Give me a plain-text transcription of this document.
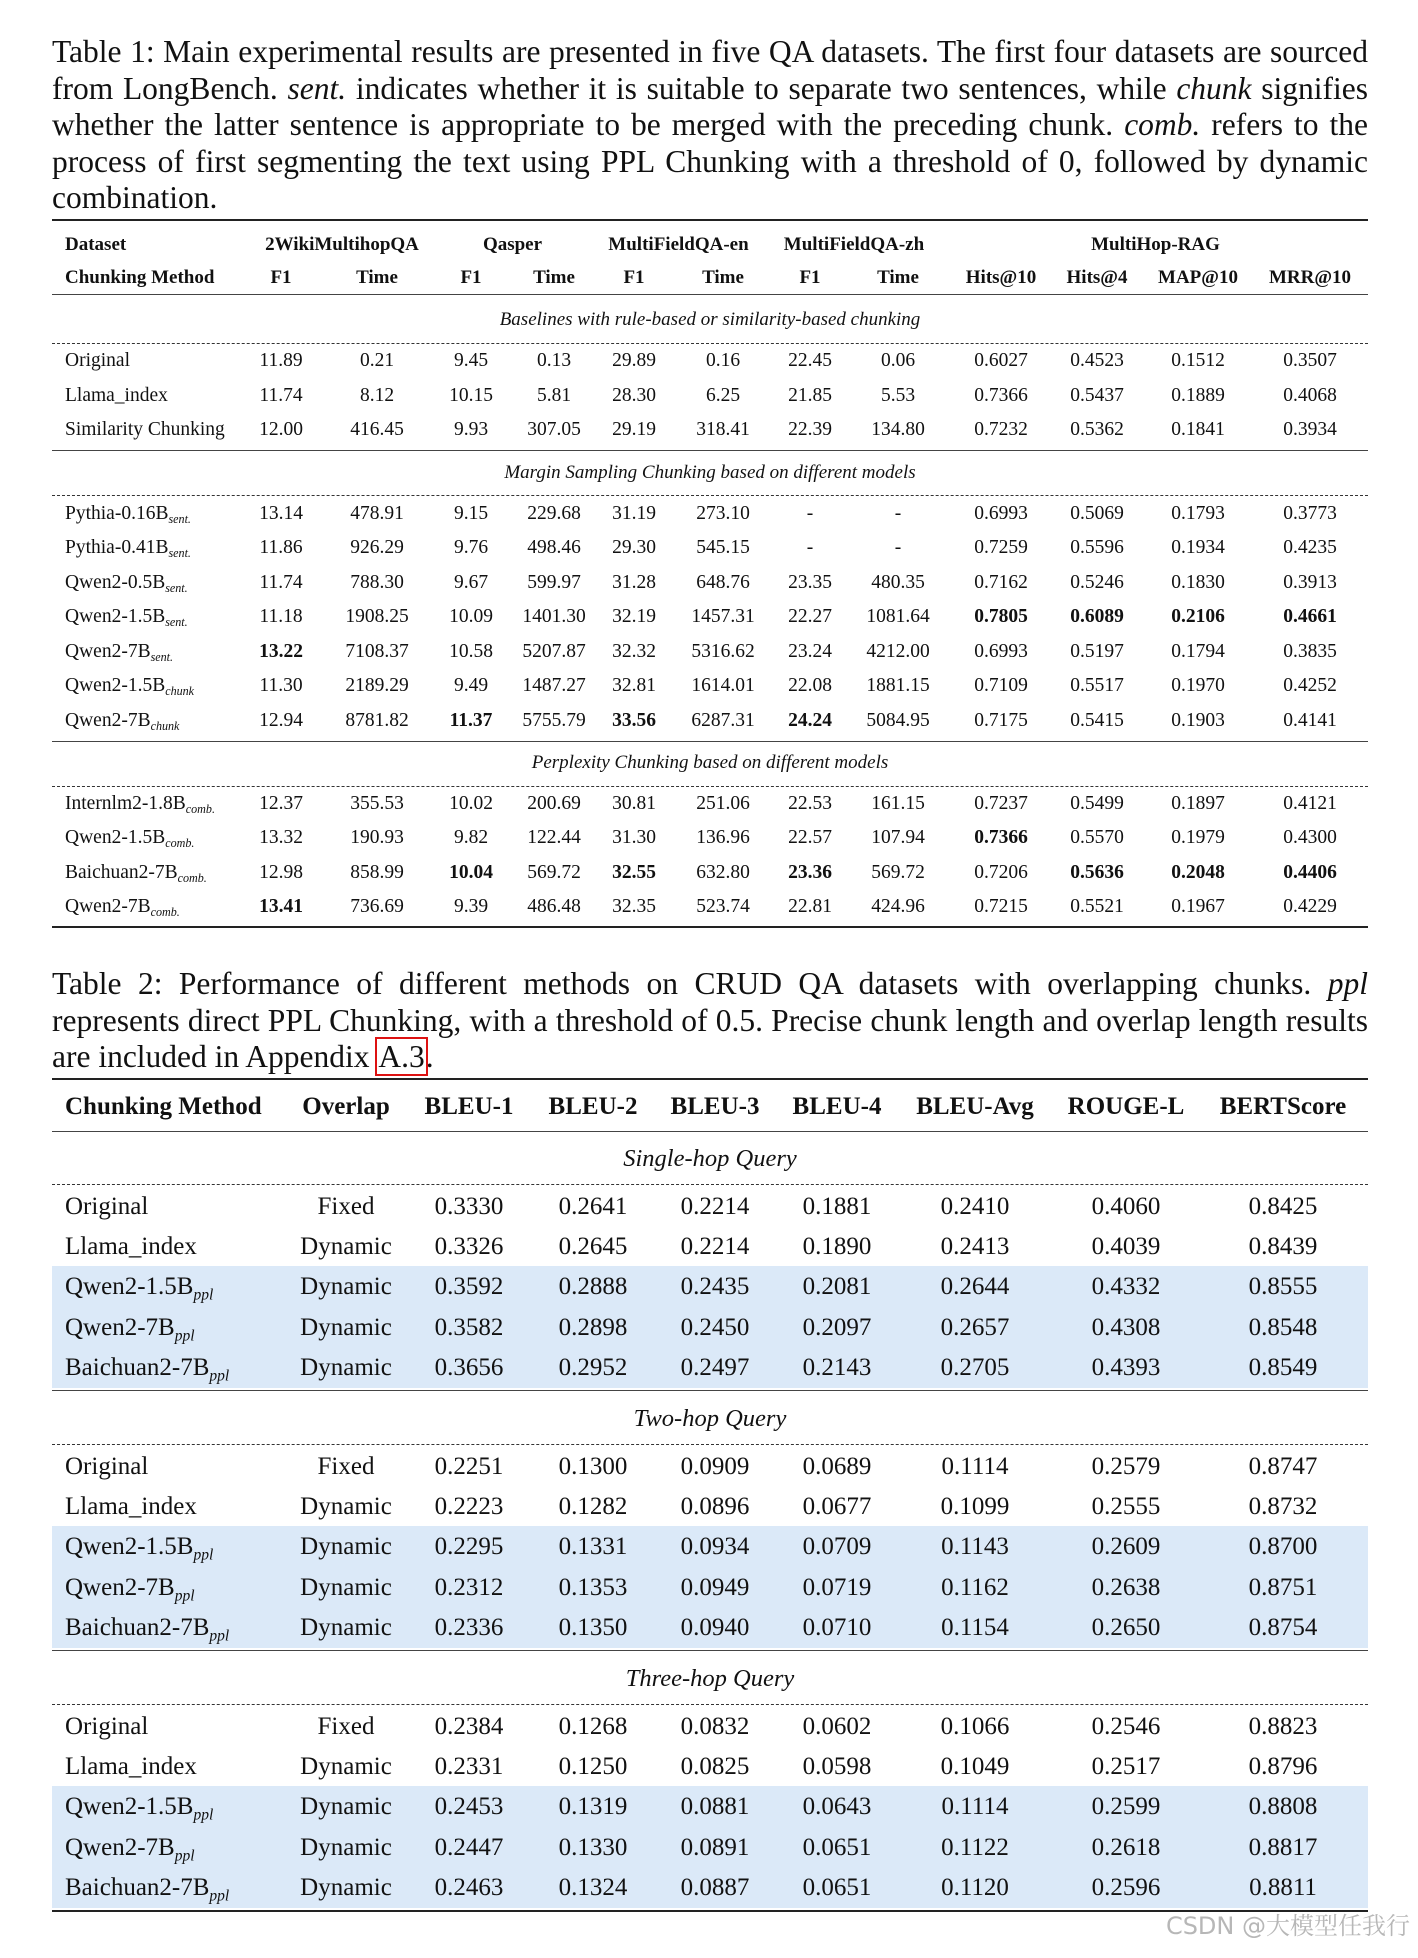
Table 1: Main experimental results are presented in five QA datasets. The first four datasets are sourced from LongBench. sent. indicates whether it is suitable to separate two sentences, while chunk signifies whether the latter sentence is appropriate to be merged with the preceding chunk. comb. refers to the process of first segmenting the text using PPL Chunking with a threshold of 0, followed by dynamic combination.
Dataset	2WikiMultihopQA	Qasper	MultiFieldQA-en MultiFieldQA-zh	MultiHop-RAG
Chunking Method	F1	Time	F1	Time	F1	Time	F1	Time Hits@10 Hits@4 MAP@10 MRR@10
Baselines with rule-based or similarity-based chunking
Original	11.89	0.21	9.45	0.13 29.89	0.16 22.45	0.06	0.6027 0.4523 0.1512	0.3507
Llama_index	11.74	8.12	10.15 5.81 28.30	6.25 21.85	5.53	0.7366 0.5437 0.1889	0.4068
Similarity Chunking 12.00 416.45	9.93 307.05 29.19 318.41 22.39 134.80	0.7232 0.5362 0.1841	0.3934
Margin Sampling Chunking based on different models
Pythia-$0.16B_{sent.}$	13.14 478.91	9.15 229.68 31.19 273.10	-	-	0.6993 0.5069 0.1793	0.3773
Pythia-$0.41B_{sent.}$	11.86 926.29	9.76 498.46 29.30 545.15	-	-	0.7259 0.5596 0.1934	0.4235
$Qwen2-0.5B_{sent.}$	11.74 788.30	9.67 599.97 31.28 648.76 23.35 480.35	0.7162 0.5246 0.1830	0.3913
$Qwen2-1.5B_{sent.}$	11.18 1908.25 10.09 1401.30 32.19 1457.31 22.27 1081.64 0.7805 0.6089 0.2106	0.4661
$Qwen2-7B_{sent.}$	13.22 7108.37 10.58 5207.87 32.32 5316.62 23.24 4212.00 0.6993 0.5197 0.1794	0.3835
$Qwen2-1.5B_{chunk}$	11.30 2189.29 9.49 1487.27 32.81 1614.01 22.08 1881.15 0.7109 0.5517 0.1970	0.4252
$Qwen2-7B_{chunk}$	12.94 8781.82 11.37 5755.79 33.56 6287.31 24.24 5084.95 0.7175 0.5415 0.1903	0.4141
Perplexity Chunking based on different models
$Internlm2-1.8B_{comb.}$ 12.37 355.53 10.02 200.69 30.81 251.06 22.53 161.15	0.7237 0.5499 0.1897	0.4121
$Qwen2-1.5B_{comb.}$	13.32 190.93	9.82 122.44 31.30 136.96 22.57 107.94	0.7366 0.5570 0.1979	0.4300
$Baichuan2-7B_{comb.}$	12.98 858.99 10.04 569.72 32.55 632.80 23.36 569.72	0.7206 0.5636 0.2048	0.4406
$Qwen2-7B_{comb.}$	13.41 736.69	9.39 486.48 32.35 523.74 22.81 424.96	0.7215 0.5521 0.1967	0.4229
Table 2: Performance of different methods on CRUD QA datasets with overlapping chunks. ppl represents direct PPL Chunking, with a threshold of 0.5. Precise chunk length and overlap length results are included in Appendix A.3.
Chunking Method Overlap BLEU-1 BLEU-2 BLEU-3 BLEU-4 BLEU-Avg ROUGE-L BERTScore
Single-hop Query
Original	Fixed 0.3330 0.2641 0.2214 0.1881	0.2410	0.4060	0.8425
Llama_index	Dynamic 0.3326 0.2645 0.2214 0.1890	0.2413	0.4039	0.8439
$Qwen2-1.5B_{ppl}$	Dynamic 0.3592 0.2888 0.2435 0.2081	0.2644	0.4332	0.8555
$Qwen2-7B_{ppl}$	Dynamic 0.3582 0.2898 0.2450 0.2097	0.2657	0.4308	0.8548
$Baichuan2-7B_{ppl}$	Dynamic 0.3656 0.2952 0.2497 0.2143	0.2705	0.4393	0.8549
Two-hop Query
Original	Fixed 0.2251 0.1300 0.0909 0.0689	0.1114	0.2579	0.8747
Llama_index	Dynamic 0.2223 0.1282 0.0896 0.0677	0.1099	0.2555	0.8732
$Qwen2-1.5B_{ppl}$	Dynamic 0.2295 0.1331 0.0934 0.0709	0.1143	0.2609	0.8700
$Qwen2-7B_{ppl}$	Dynamic 0.2312 0.1353 0.0949 0.0719	0.1162	0.2638	0.8751
$Baichuan2-7B_{ppl}$	Dynamic 0.2336 0.1350 0.0940 0.0710	0.1154	0.2650	0.8754
Three-hop Query
Original	Fixed 0.2384 0.1268 0.0832 0.0602	0.1066	0.2546	0.8823
Llama_index	Dynamic 0.2331 0.1250 0.0825 0.0598	0.1049	0.2517	0.8796
$Qwen2-1.5B_{ppl}$	Dynamic 0.2453 0.1319 0.0881 0.0643	0.1114	0.2599	0.8808
$Qwen2-7B_{ppl}$	Dynamic 0.2447 0.1330 0.0891 0.0651	0.1122	0.2618	0.8817
$Baichuan2-7B_{ppl}$	Dynamic 0.2463 0.1324 0.0887 0.0651	0.1120	0.2596	0.8811
CSDN @大模型任我行
